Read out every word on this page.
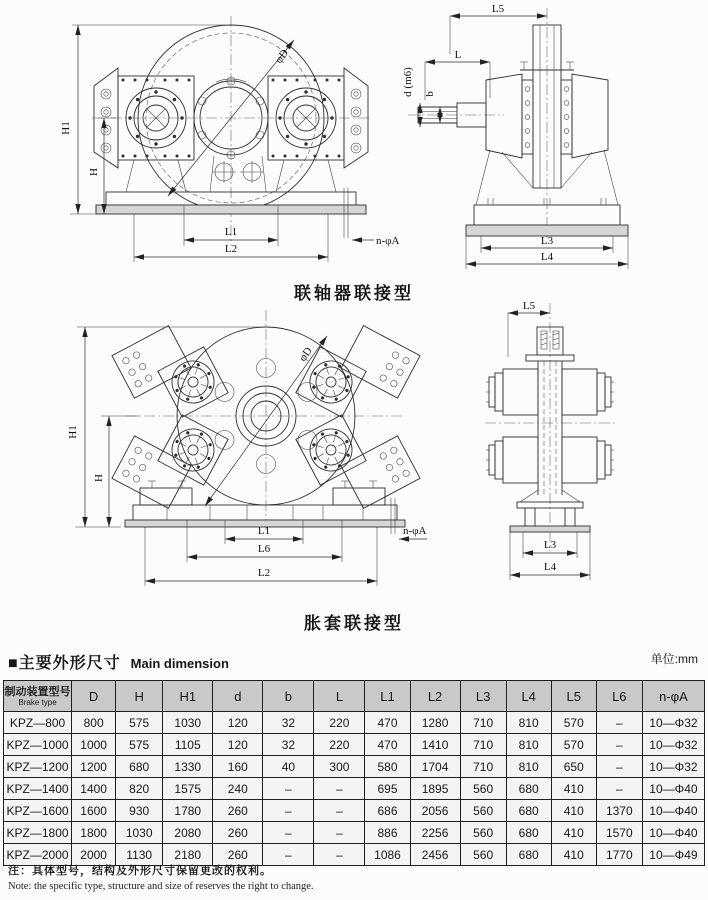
φD
H1
H
L1
L2
n-φA
L5
L
d (m6) b
L3
L4
联轴器联接型
φD
H1
H
L1
L6
L2
n-φA
L5
L3
L4
胀套联接型
■主要外形尺寸 Main dimension	单位:mm
制动装置型号
Brake type	D	H	H1	d	b	L	L1	L2	L3	L4	L5	L6	n-φA
KPZ—800	800	575	1030	120	32	220	470	1280	710	810	570	–	10—Φ32
KPZ—1000	1000	575	1105	120	32	220	470	1410	710	810	570	–	10—Φ32
KPZ—1200	1200	680	1330	160	40	300	580	1704	710	810	650	–	10—Φ32
KPZ—1400	1400	820	1575	240	–	–	695	1895	560	680	410	–	10—Φ40
KPZ—1600	1600	930	1780	260	–	–	686	2056	560	680	410	1370	10—Φ40
KPZ—1800	1800	1030	2080	260	–	–	886	2256	560	680	410	1570	10—Φ40
KPZ—2000	2000	1130	2180	260	–	–	1086	2456	560	680	410	1770	10—Φ49
注：具体型号，结构及外形尺寸保留更改的权利。
Note: the specific type, structure and size of reserves the right to change.
